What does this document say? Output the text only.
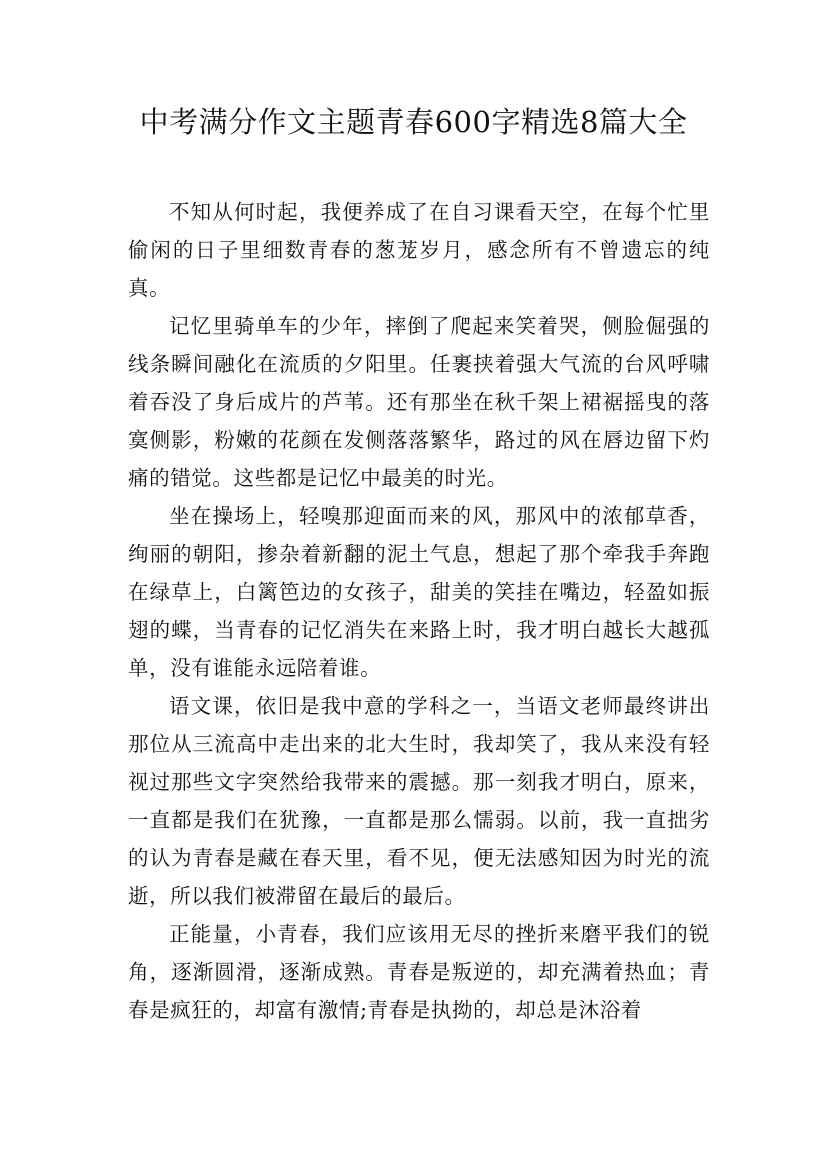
中考满分作文主题青春600字精选8篇大全

不知从何时起，我便养成了在自习课看天空，在每个忙里偷闲的日子里细数青春的葱茏岁月，感念所有不曾遗忘的纯真。

记忆里骑单车的少年，摔倒了爬起来笑着哭，侧脸倔强的线条瞬间融化在流质的夕阳里。任裹挟着强大气流的台风呼啸着吞没了身后成片的芦苇。还有那坐在秋千架上裙裾摇曳的落寞侧影，粉嫩的花颜在发侧落落繁华，路过的风在唇边留下灼痛的错觉。这些都是记忆中最美的时光。

坐在操场上，轻嗅那迎面而来的风，那风中的浓郁草香，绚丽的朝阳，掺杂着新翻的泥土气息，想起了那个牵我手奔跑在绿草上，白篱笆边的女孩子，甜美的笑挂在嘴边，轻盈如振翅的蝶，当青春的记忆消失在来路上时，我才明白越长大越孤单，没有谁能永远陪着谁。

语文课，依旧是我中意的学科之一，当语文老师最终讲出那位从三流高中走出来的北大生时，我却笑了，我从来没有轻视过那些文字突然给我带来的震撼。那一刻我才明白，原来，一直都是我们在犹豫，一直都是那么懦弱。以前，我一直拙劣的认为青春是藏在春天里，看不见，便无法感知因为时光的流逝，所以我们被滞留在最后的最后。

正能量，小青春，我们应该用无尽的挫折来磨平我们的锐角，逐渐圆滑，逐渐成熟。青春是叛逆的，却充满着热血；青春是疯狂的，却富有激情;青春是执拗的，却总是沐浴着
